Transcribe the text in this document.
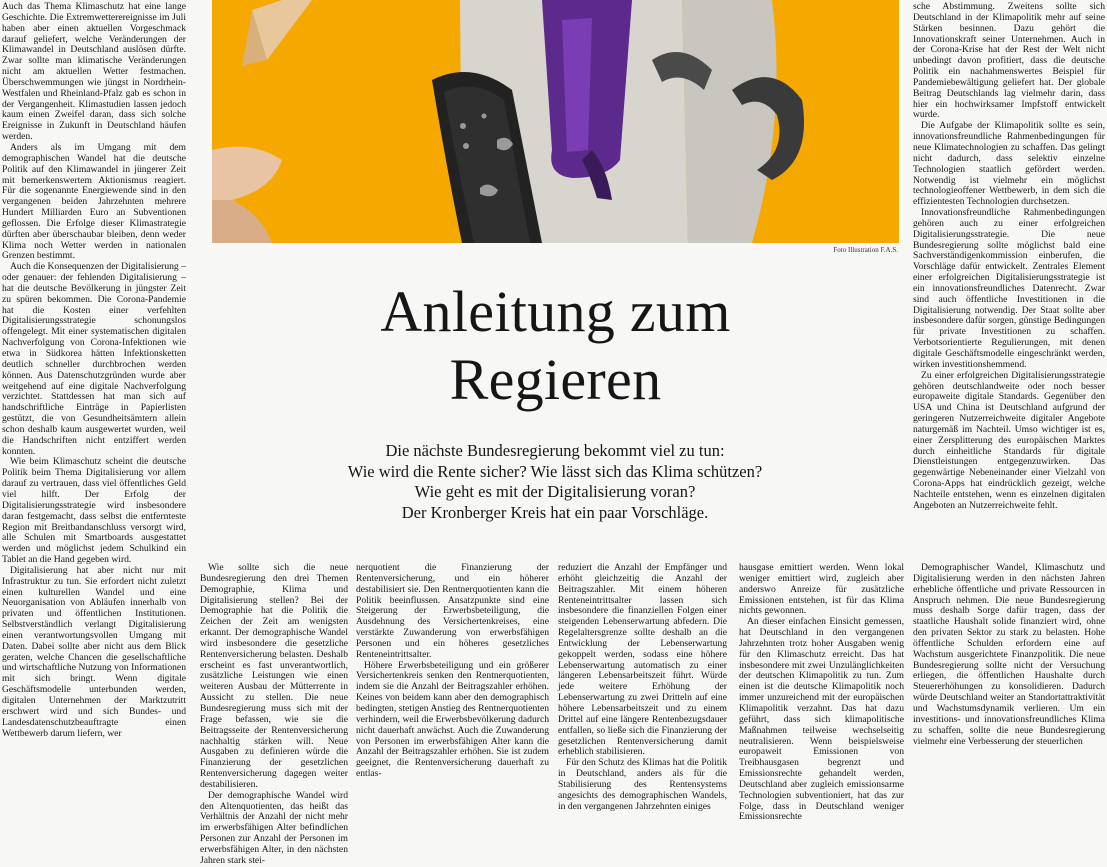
Auch das Thema Klimaschutz hat eine lange Geschichte. Die Extremwetterereignisse im Juli haben aber einen aktuellen Vorgeschmack darauf geliefert, welche Veränderungen der Klimawandel in Deutschland auslösen dürfte. Zwar sollte man klimatische Veränderungen nicht am aktuellen Wetter festmachen. Überschwemmungen wie jüngst in Nordrhein-Westfalen und Rheinland-Pfalz gab es schon in der Vergangenheit. Klimastudien lassen jedoch kaum einen Zweifel daran, dass sich solche Ereignisse in Zukunft in Deutschland häufen werden.

Anders als im Umgang mit dem demographischen Wandel hat die deutsche Politik auf den Klimawandel in jüngerer Zeit mit bemerkenswertem Aktionismus reagiert. Für die sogenannte Energiewende sind in den vergangenen beiden Jahrzehnten mehrere Hundert Milliarden Euro an Subventionen geflossen. Die Erfolge dieser Klimastrategie dürften aber überschaubar bleiben, denn weder Klima noch Wetter werden in nationalen Grenzen bestimmt.

Auch die Konsequenzen der Digitalisierung – oder genauer: der fehlenden Digitalisierung – hat die deutsche Bevölkerung in jüngster Zeit zu spüren bekommen. Die Corona-Pandemie hat die Kosten einer verfehlten Digitalisierungsstrategie schonungslos offengelegt. Mit einer systematischen digitalen Nachverfolgung von Corona-Infektionen wie etwa in Südkorea hätten Infektionsketten deutlich schneller durchbrochen werden können. Aus Datenschutzgründen wurde aber weitgehend auf eine digitale Nachverfolgung verzichtet. Stattdessen hat man sich auf handschriftliche Einträge in Papierlisten gestützt, die von Gesundheitsämtern allein schon deshalb kaum ausgewertet wurden, weil die Handschriften nicht entziffert werden konnten.

Wie beim Klimaschutz scheint die deutsche Politik beim Thema Digitalisierung vor allem darauf zu vertrauen, dass viel öffentliches Geld viel hilft. Der Erfolg der Digitalisierungsstrategie wird insbesondere daran festgemacht, dass selbst die entfernteste Region mit Breitbandanschluss versorgt wird, alle Schulen mit Smartboards ausgestattet werden und möglichst jedem Schulkind ein Tablet an die Hand gegeben wird.

Digitalisierung hat aber nicht nur mit Infrastruktur zu tun. Sie erfordert nicht zuletzt einen kulturellen Wandel und eine Neuorganisation von Abläufen innerhalb von privaten und öffentlichen Institutionen. Selbstverständlich verlangt Digitalisierung einen verantwortungsvollen Umgang mit Daten. Dabei sollte aber nicht aus dem Blick geraten, welche Chancen die gesellschaftliche und wirtschaftliche Nutzung von Informationen mit sich bringt. Wenn digitale Geschäftsmodelle unterbunden werden, digitalen Unternehmen der Marktzutritt erschwert wird und sich Bundes- und Landesdatenschutzbeauftragte einen Wettbewerb darum liefern, wer

Foto Illustration F.A.S.
Anleitung zum
Regieren
Die nächste Bundesregierung bekommt viel zu tun:
Wie wird die Rente sicher? Wie lässt sich das Klima schützen?
Wie geht es mit der Digitalisierung voran?
Der Kronberger Kreis hat ein paar Vorschläge.

Wie sollte sich die neue Bundesregierung den drei Themen Demographie, Klima und Digitalisierung stellen? Bei der Demographie hat die Politik die Zeichen der Zeit am wenigsten erkannt. Der demographische Wandel wird insbesondere die gesetzliche Rentenversicherung belasten. Deshalb erscheint es fast unverantwortlich, zusätzliche Leistungen wie einen weiteren Ausbau der Mütterrente in Aussicht zu stellen. Die neue Bundesregierung muss sich mit der Frage befassen, wie sie die Beitragsseite der Rentenversicherung nachhaltig stärken will. Neue Ausgaben zu definieren würde die Finanzierung der gesetzlichen Rentenversicherung dagegen weiter destabilisieren.

Der demographische Wandel wird den Altenquotienten, das heißt das Verhältnis der Anzahl der nicht mehr im erwerbsfähigen Alter befindlichen Personen zur Anzahl der Personen im erwerbsfähigen Alter, in den nächsten Jahren stark stei-

nerquotient die Finanzierung der Rentenversicherung, und ein höherer destabilisiert sie. Den Rentnerquotienten kann die Politik beeinflussen. Ansatzpunkte sind eine Steigerung der Erwerbsbeteiligung, die Ausdehnung des Versichertenkreises, eine verstärkte Zuwanderung von erwerbsfähigen Personen und ein höheres gesetzliches Renteneintrittsalter.

Höhere Erwerbsbeteiligung und ein größerer Versichertenkreis senken den Rentnerquotienten, indem sie die Anzahl der Beitragszahler erhöhen. Keines von beidem kann aber den demographisch bedingten, stetigen Anstieg des Rentnerquotienten verhindern, weil die Erwerbsbevölkerung dadurch nicht dauerhaft anwächst. Auch die Zuwanderung von Personen im erwerbsfähigen Alter kann die Anzahl der Beitragszahler erhöhen. Sie ist zudem geeignet, die Rentenversicherung dauerhaft zu entlas-

reduziert die Anzahl der Empfänger und erhöht gleichzeitig die Anzahl der Beitragszahler. Mit einem höheren Renteneintrittsalter lassen sich insbesondere die finanziellen Folgen einer steigenden Lebenserwartung abfedern. Die Regelaltersgrenze sollte deshalb an die Entwicklung der Lebenserwartung gekoppelt werden, sodass eine höhere Lebenserwartung automatisch zu einer längeren Lebensarbeitszeit führt. Würde jede weitere Erhöhung der Lebenserwartung zu zwei Dritteln auf eine höhere Lebensarbeitszeit und zu einem Drittel auf eine längere Rentenbezugsdauer entfallen, so ließe sich die Finanzierung der gesetzlichen Rentenversicherung damit erheblich stabilisieren.

Für den Schutz des Klimas hat die Politik in Deutschland, anders als für die Stabilisierung des Rentensystems angesichts des demographischen Wandels, in den vergangenen Jahrzehnten einiges

hausgase emittiert werden. Wenn lokal weniger emittiert wird, zugleich aber anderswo Anreize für zusätzliche Emissionen entstehen, ist für das Klima nichts gewonnen.

An dieser einfachen Einsicht gemessen, hat Deutschland in den vergangenen Jahrzehnten trotz hoher Ausgaben wenig für den Klimaschutz erreicht. Das hat insbesondere mit zwei Unzulänglichkeiten der deutschen Klimapolitik zu tun. Zum einen ist die deutsche Klimapolitik noch immer unzureichend mit der europäischen Klimapolitik verzahnt. Das hat dazu geführt, dass sich klimapolitische Maßnahmen teilweise wechselseitig neutralisieren. Wenn beispielsweise europaweit Emissionen von Treibhausgasen begrenzt und Emissionsrechte gehandelt werden, Deutschland aber zugleich emissionsarme Technologien subventioniert, hat das zur Folge, dass in Deutschland weniger Emissionsrechte

sche Abstimmung. Zweitens sollte sich Deutschland in der Klimapolitik mehr auf seine Stärken besinnen. Dazu gehört die Innovationskraft seiner Unternehmen. Auch in der Corona-Krise hat der Rest der Welt nicht unbedingt davon profitiert, dass die deutsche Politik ein nachahmenswertes Beispiel für Pandemiebewältigung geliefert hat. Der globale Beitrag Deutschlands lag vielmehr darin, dass hier ein hochwirksamer Impfstoff entwickelt wurde.

Die Aufgabe der Klimapolitik sollte es sein, innovationsfreundliche Rahmenbedingungen für neue Klimatechnologien zu schaffen. Das gelingt nicht dadurch, dass selektiv einzelne Technologien staatlich gefördert werden. Notwendig ist vielmehr ein möglichst technologieoffener Wettbewerb, in dem sich die effizientesten Technologien durchsetzen.

Innovationsfreundliche Rahmenbedingungen gehören auch zu einer erfolgreichen Digitalisierungsstrategie. Die neue Bundesregierung sollte möglichst bald eine Sachverständigenkommission einberufen, die Vorschläge dafür entwickelt. Zentrales Element einer erfolgreichen Digitalisierungsstrategie ist ein innovationsfreundliches Datenrecht. Zwar sind auch öffentliche Investitionen in die Digitalisierung notwendig. Der Staat sollte aber insbesondere dafür sorgen, günstige Bedingungen für private Investitionen zu schaffen. Verbotsorientierte Regulierungen, mit denen digitale Geschäftsmodelle eingeschränkt werden, wirken investitionshemmend.

Zu einer erfolgreichen Digitalisierungsstrategie gehören deutschlandweite oder noch besser europaweite digitale Standards. Gegenüber den USA und China ist Deutschland aufgrund der geringeren Nutzerreichweite digitaler Angebote naturgemäß im Nachteil. Umso wichtiger ist es, einer Zersplitterung des europäischen Marktes durch einheitliche Standards für digitale Dienstleistungen entgegenzuwirken. Das gegenwärtige Nebeneinander einer Vielzahl von Corona-Apps hat eindrücklich gezeigt, welche Nachteile entstehen, wenn es einzelnen digitalen Angeboten an Nutzerreichweite fehlt.

Demographischer Wandel, Klimaschutz und Digitalisierung werden in den nächsten Jahren erhebliche öffentliche und private Ressourcen in Anspruch nehmen. Die neue Bundesregierung muss deshalb Sorge dafür tragen, dass der staatliche Haushalt solide finanziert wird, ohne den privaten Sektor zu stark zu belasten. Hohe öffentliche Schulden erfordern eine auf Wachstum ausgerichtete Finanzpolitik. Die neue Bundesregierung sollte nicht der Versuchung erliegen, die öffentlichen Haushalte durch Steuererhöhungen zu konsolidieren. Dadurch würde Deutschland weiter an Standortattraktivität und Wachstumsdynamik verlieren. Um ein investitions- und innovationsfreundliches Klima zu schaffen, sollte die neue Bundesregierung vielmehr eine Verbesserung der steuerlichen
